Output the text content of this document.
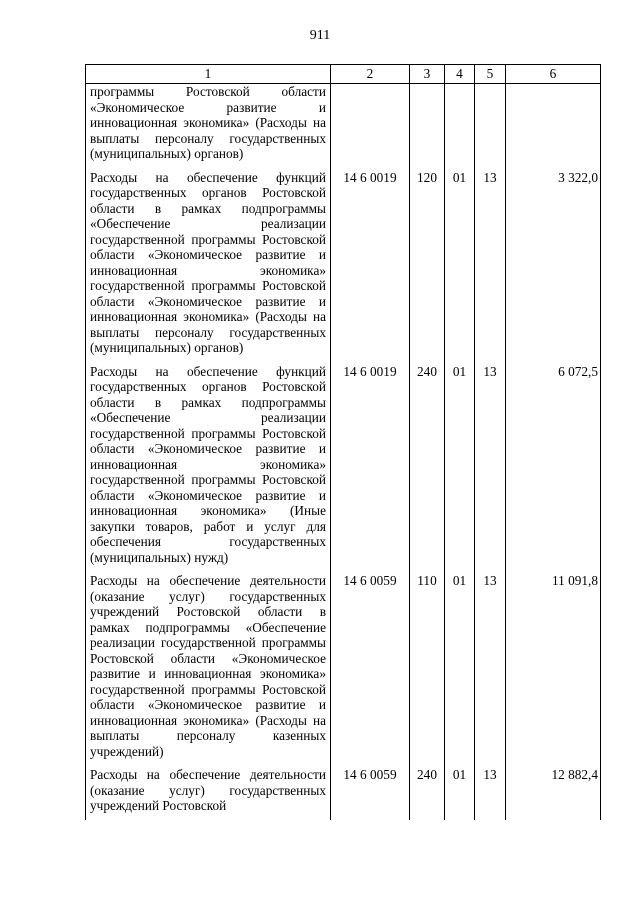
911
1	2	3	4	5	6
программы Ростовской области «Экономическое развитие и инновационная экономика» (Расходы на выплаты персоналу государственных (муниципальных) органов)					
Расходы на обеспечение функций государственных органов Ростовской области в рамках подпрограммы «Обеспечение реализации государственной программы Ростовской области «Экономическое развитие и инновационная экономика» государственной программы Ростовской области «Экономическое развитие и инновационная экономика» (Расходы на выплаты персоналу государственных (муниципальных) органов)	14 6 0019	120	01	13	3 322,0
Расходы на обеспечение функций государственных органов Ростовской области в рамках подпрограммы «Обеспечение реализации государственной программы Ростовской области «Экономическое развитие и инновационная экономика» государственной программы Ростовской области «Экономическое развитие и инновационная экономика» (Иные закупки товаров, работ и услуг для обеспечения государственных (муниципальных) нужд)	14 6 0019	240	01	13	6 072,5
Расходы на обеспечение деятельности (оказание услуг) государственных учреждений Ростовской области в рамках подпрограммы «Обеспечение реализации государственной программы Ростовской области «Экономическое развитие и инновационная экономика» государственной программы Ростовской области «Экономическое развитие и инновационная экономика» (Расходы на выплаты персоналу казенных учреждений)	14 6 0059	110	01	13	11 091,8
Расходы на обеспечение деятельности (оказание услуг) государственных учреждений Ростовской	14 6 0059	240	01	13	12 882,4
